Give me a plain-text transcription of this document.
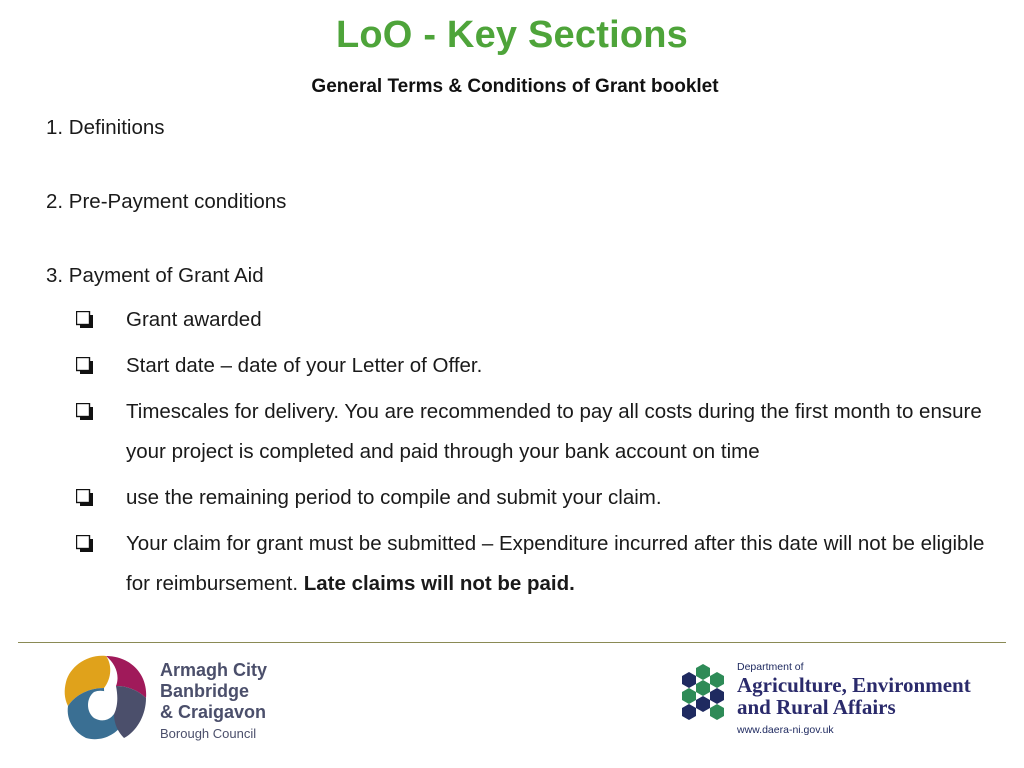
LoO - Key Sections
General Terms & Conditions of Grant booklet
1. Definitions
2. Pre-Payment conditions
3. Payment of Grant Aid
Grant awarded
Start date – date of your Letter of Offer.
Timescales for delivery. You are recommended to pay all costs during the first month to ensure your project is completed and paid through your bank account on time
use the remaining period to compile and submit your claim.
Your claim for grant must be submitted – Expenditure incurred after this date will not be eligible for reimbursement. Late claims will not be paid.
Armagh City
Banbridge
& Craigavon
Borough Council
Department of
Agriculture, Environment
and Rural Affairs
www.daera-ni.gov.uk
